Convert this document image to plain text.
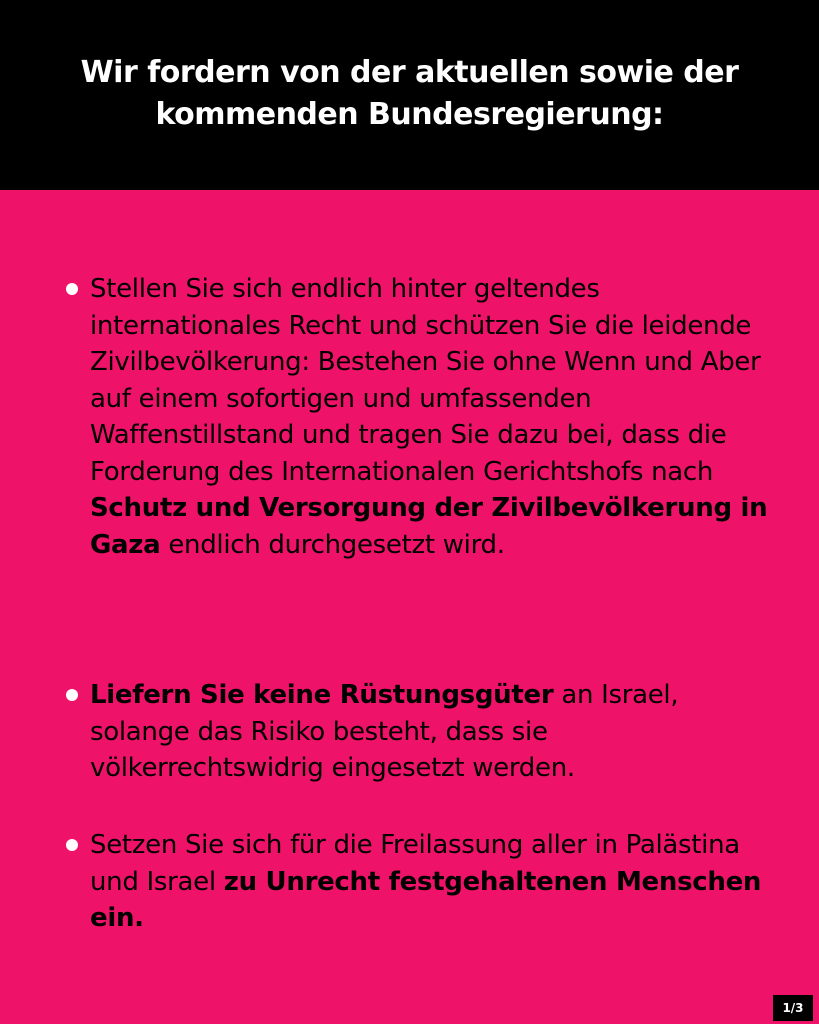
Wir fordern von der aktuellen sowie der kommenden Bundesregierung:
Stellen Sie sich endlich hinter geltendes internationales Recht und schützen Sie die leidende Zivilbevölkerung: Bestehen Sie ohne Wenn und Aber auf einem sofortigen und umfassenden Waffenstillstand und tragen Sie dazu bei, dass die Forderung des Internationalen Gerichtshofs nach Schutz und Versorgung der Zivilbevölkerung in Gaza endlich durchgesetzt wird.
Liefern Sie keine Rüstungsgüter an Israel, solange das Risiko besteht, dass sie völkerrechtswidrig eingesetzt werden.
Setzen Sie sich für die Freilassung aller in Palästina und Israel zu Unrecht festgehaltenen Menschen ein.
1/3
